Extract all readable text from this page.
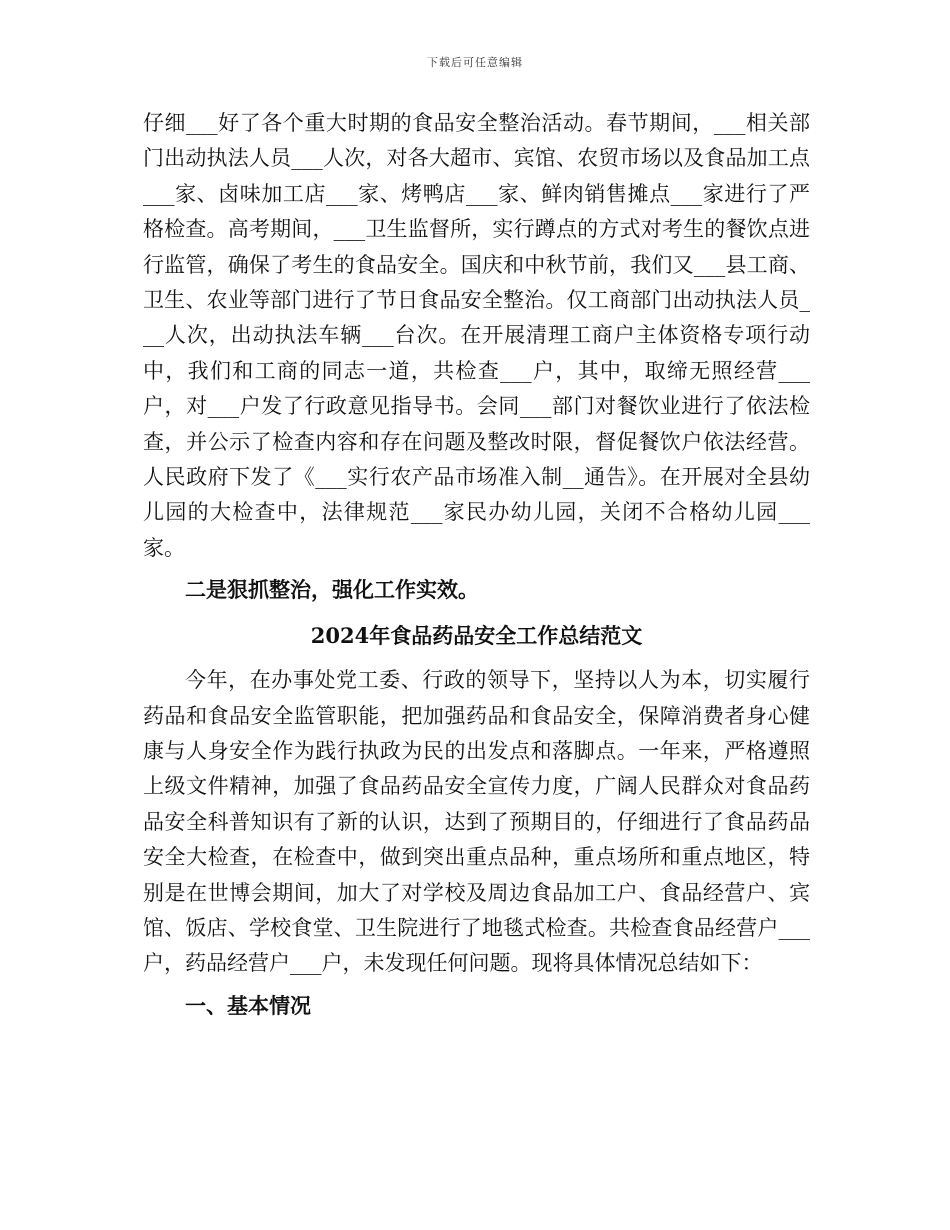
下载后可任意编辑

仔细___好了各个重大时期的食品安全整治活动。春节期间，___相关部门出动执法人员___人次，对各大超市、宾馆、农贸市场以及食品加工点___家、卤味加工店___家、烤鸭店___家、鲜肉销售摊点___家进行了严格检查。高考期间，___卫生监督所，实行蹲点的方式对考生的餐饮点进行监管，确保了考生的食品安全。国庆和中秋节前，我们又___县工商、卫生、农业等部门进行了节日食品安全整治。仅工商部门出动执法人员___人次，出动执法车辆___台次。在开展清理工商户主体资格专项行动中，我们和工商的同志一道，共检查___户，其中，取缔无照经营___户，对___户发了行政意见指导书。会同___部门对餐饮业进行了依法检查，并公示了检查内容和存在问题及整改时限，督促餐饮户依法经营。人民政府下发了《___实行农产品市场准入制__通告》。在开展对全县幼儿园的大检查中，法律规范___家民办幼儿园，关闭不合格幼儿园___家。

二是狠抓整治，强化工作实效。

2024年食品药品安全工作总结范文

今年，在办事处党工委、行政的领导下，坚持以人为本，切实履行药品和食品安全监管职能，把加强药品和食品安全，保障消费者身心健康与人身安全作为践行执政为民的出发点和落脚点。一年来，严格遵照上级文件精神，加强了食品药品安全宣传力度，广阔人民群众对食品药品安全科普知识有了新的认识，达到了预期目的，仔细进行了食品药品安全大检查，在检查中，做到突出重点品种，重点场所和重点地区，特别是在世博会期间，加大了对学校及周边食品加工户、食品经营户、宾馆、饭店、学校食堂、卫生院进行了地毯式检查。共检查食品经营户___户，药品经营户___户，未发现任何问题。现将具体情况总结如下：

一、基本情况
